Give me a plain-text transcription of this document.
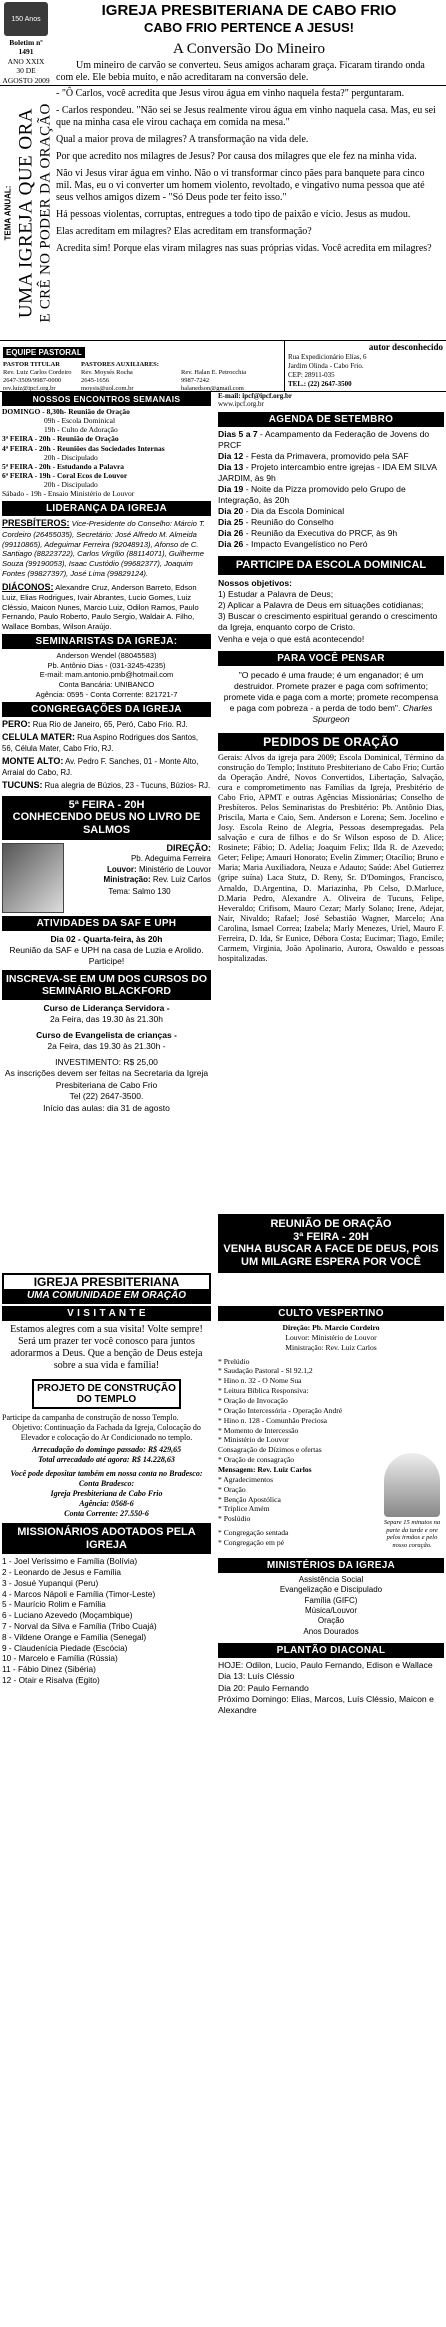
150 Anos
Boletim nº 1491
ANO XXIX
30 DE AGOSTO 2009
IGREJA PRESBITERIANA DE CABO FRIO
CABO FRIO PERTENCE A JESUS!
A Conversão Do Mineiro

Um mineiro de carvão se converteu. Seus amigos acharam graça. Ficaram tirando onda com ele. Ele bebia muito, e não acreditaram na conversão dele.

TEMA ANUAL: UMA IGREJA QUE ORA E CRÊ NO PODER DA ORAÇÃO

- "Ô Carlos, você acredita que Jesus virou água em vinho naquela festa?" perguntaram.

- Carlos respondeu. "Não sei se Jesus realmente virou água em vinho naquela casa. Mas, eu sei que na minha casa ele virou cachaça em comida na mesa."

Qual a maior prova de milagres? A transformação na vida dele.

Por que acredito nos milagres de Jesus? Por causa dos milagres que ele fez na minha vida.

Não vi Jesus virar água em vinho. Não o vi transformar cinco pães para banquete para cinco mil. Mas, eu o vi converter um homem violento, revoltado, e vingativo numa pessoa que até seus velhos amigos dizem - "Só Deus pode ter feito isso."

Há pessoas violentas, corruptas, entregues a todo tipo de paixão e vício. Jesus as mudou.

Elas acreditam em milagres? Elas acreditam em transformação?

Acredita sim! Porque elas viram milagres nas suas próprias vidas. Você acredita em milagres?

EQUIPE PASTORAL
PASTOR TITULAR
Rev. Luiz Carlos Cordeiro
2647-3509/9987-0000
rev.luiz@ipcf.org.br
PASTORES AUXILIARES:
Rev. Moysés Rocha
2645-1656
moysis@uol.com.br
Rev. Halan E. Petrocchia
9987-7242
halanedson@gmail.com
autor desconhecido
Rua Expedicionário Elias, 6
Jardim Olinda - Cabo Frio.
CEP: 28911-035
TEL.: (22) 2647-3500
NOSSOS ENCONTROS SEMANAIS
DOMINGO - 8,30h- Reunião de Oração
09h - Escola Dominical
19h - Culto de Adoração
3ª FEIRA - 20h - Reunião de Oração
4ª FEIRA - 20h - Reuniões das Sociedades Internas
20h - Discipulado
5ª FEIRA - 20h - Estudando a Palavra
6ª FEIRA - 19h - Coral Ecos de Louvor
20h - Discipulado
Sábado - 19h - Ensaio Ministério de Louvor
LIDERANÇA DA IGREJA
PRESBÍTEROS: Vice-Presidente do Conselho: Márcio T. Cordeiro (26455035), Secretário: José Alfredo M. Almeida (99110865), Adeguimar Ferreira (92048913), Afonso de C. Santiago (88223722), Carlos Virgílio (88114071), Guilherme Souza (99190053), Isaac Custódio (99682377), Joaquim Fontes (99827397), José Lima (99829124).
DIÁCONOS: Alexandre Cruz, Anderson Barreto, Edson Luiz, Elias Rodrigues, Ivair Abrantes, Lucio Gomes, Luiz Cléssio, Maicon Nunes, Marcio Luiz, Odilon Ramos, Paulo Fernando, Paulo Roberto, Paulo Sergio, Waldair A. Filho, Wallace Bombas, Wilson Araújo.
SEMINARISTAS DA IGREJA:
Anderson Wendel (88045583)
Pb. Antônio Dias - (031-3245-4235)
E-mail: mam.antonio.pmb@hotmail.com
Conta Bancária: UNIBANCO
Agência: 0595 - Conta Corrente: 821721-7
CONGREGAÇÕES DA IGREJA
PERO: Rua Rio de Janeiro, 65, Peró, Cabo Frio. RJ.
CELULA MATER: Rua Aspino Rodrigues dos Santos, 56, Célula Mater, Cabo Frio, RJ.
MONTE ALTO: Av. Pedro F. Sanches, 01 - Monte Alto, Arraial do Cabo, RJ.
TUCUNS: Rua alegria de Búzios, 23 - Tucuns, Búzios- RJ.
5ª FEIRA - 20H
CONHECENDO DEUS NO LIVRO DE SALMOS
DIREÇÃO:
Pb. Adeguima Ferreira
Louvor: Ministério de Louvor
Ministração: Rev. Luiz Carlos
Tema: Salmo 130
ATIVIDADES DA SAF E UPH
Dia 02 - Quarta-feira, às 20h
Reunião da SAF e UPH na casa de Luzia e Arolido. Participe!
INSCREVA-SE EM UM DOS CURSOS DO SEMINÁRIO BLACKFORD
Curso de Liderança Servidora -
2a Feira, das 19.30 às 21.30h
Curso de Evangelista de crianças -
2a Feira, das 19.30 às 21.30h -
INVESTIMENTO: R$ 25,00
As inscrições devem ser feitas na Secretaria da Igreja Presbiteriana de Cabo Frio
Tel (22) 2647-3500.
Início das aulas: dia 31 de agosto
E-mail: ipcf@ipcf.org.br
www.ipcf.org.br
AGENDA DE SETEMBRO
Dias 5 a 7 - Acampamento da Federação de Jovens do PRCF
Dia 12 - Festa da Primavera, promovido pela SAF
Dia 13 - Projeto intercambio entre igrejas - IDA EM SILVA JARDIM, às 9h
Dia 19 - Noite da Pizza promovido pelo Grupo de Integração, às 20h
Dia 20 - Dia da Escola Dominical
Dia 25 - Reunião do Conselho
Dia 26 - Reunião da Executiva do PRCF, às 9h
Dia 26 - Impacto Evangelístico no Peró
PARTICIPE DA ESCOLA DOMINICAL
Nossos objetivos:
1) Estudar a Palavra de Deus;
2) Aplicar a Palavra de Deus em situações cotidianas;
3) Buscar o crescimento espiritual gerando o crescimento da Igreja, enquanto corpo de Cristo.
Venha e veja o que está acontecendo!
PARA VOCÊ PENSAR
"O pecado é uma fraude; é um enganador; é um destruidor. Promete prazer e paga com sofrimento; promete vida e paga com a morte; promete recompensa e paga com pobreza - a perda de todo bem". Charles Spurgeon
PEDIDOS DE ORAÇÃO
Gerais: Alvos da igreja para 2009; Escola Dominical, Término da construção do Templo; Instituto Presbiteriano de Cabo Frio; Curtão da Operação André, Novos Convertidos, Libertação, Salvação, cura e comprometimento nas Famílias da Igreja, Presbitério de Cabo Frio, APMT e outras Agências Missionárias; Conselho de Presbíteros. Pelos Seminaristas do Presbitério: Pb. Antônio Dias, Priscila, Marta e Caio, Sem. Anderson e Lorena; Sem. Jocelino e Josy. Escola Reino de Alegria, Pessoas desempregadas. Pela salvação e cura de filhos e do Sr Wilson esposo de D. Alice; Rosinete; Fábio; D. Adelia; Joaquim Felix; Ilda R. de Azevedo; Geter; Felipe; Amauri Honorato; Evelin Zimmer; Otacílio; Bruno e Maria; Maria Auxiliadora, Neuza e Adauto; Saúde: Abel Gutierrez (gripe suína) Laca Stutz, D. Reny, Sr. D'Domingos, Francisco, Arnaldo, D.Argentina, D. Mariazinha, Pb Celso, D.Marluce, D.Maria Pedro, Alexandre A. Oliveira de Tucuns, Felipe, Heveraldo; Crifisom, Mauro Cezar; Marly Solano; Irene, Adejar, Nair, Nivaldo; Rafael; José Sebastião Wagner, Marcelo; Ana Carolina, Ismael Correa; Izabela; Marly Menezes, Uriel, Mauro F. Ferreira, D. Ida, Sr Eunice, Débora Costa; Eucimar; Tiago, Emile; Carmem, Virginia, João Apolinario, Aurora, Oswaldo e pessoas hospitalizadas.
IGREJA PRESBITERIANA
UMA COMUNIDADE EM ORAÇÃO
REUNIÃO DE ORAÇÃO
3ª FEIRA - 20H
VENHA BUSCAR A FACE DE DEUS, POIS UM MILAGRE ESPERA POR VOCÊ
V I S I T A N T E
Estamos alegres com a sua visita! Volte sempre! Será um prazer ter você conosco para juntos adorarmos a Deus. Que a benção de Deus esteja sobre a sua vida e família!
PROJETO DE CONSTRUÇÃO DO TEMPLO
Participe da campanha de construção de nosso Templo.
Objetivo: Continuação da Fachada da Igreja, Colocação do Elevador e colocação do Ar Condicionado no templo.
Arrecadação do domingo passado: R$ 429,65
Total arrecadado até agora: R$ 14.228,63
Você pode depositar também em nossa conta no Bradesco:
Conta Bradesco:
Igreja Presbiteriana de Cabo Frio
Agência: 0568-6
Conta Corrente: 27.550-6
MISSIONÁRIOS ADOTADOS PELA IGREJA
1 - Joel Veríssimo e Família (Bolívia)
2 - Leonardo de Jesus e Família
3 - Josué Yupanqui (Peru)
4 - Marcos Nápoli e Família (Timor-Leste)
5 - Maurício Rolim e Família
6 - Luciano Azevedo (Moçambique)
7 - Norval da Silva e Família (Tribo Cuajá)
8 - Vildene Orange e Família (Senegal)
9 - Claudenícia Piedade (Escócia)
10 - Marcelo e Família (Rússia)
11 - Fábio Dinez (Sibéria)
12 - Otair e Risalva (Egito)
CULTO VESPERTINO
Direção: Pb. Marcio Cordeiro
Louvor: Ministério de Louvor
Ministração: Rev. Luiz Carlos
* Prelúdio
* Saudação Pastoral - Sl 92.1,2
* Hino n. 32 - O Nome Sua
* Leitura Bíblica Responsiva:
* Oração de Invocação
* Oração Intercessória - Operação André
* Hino n. 128 - Comunhão Preciosa
* Momento de Intercessão
* Ministério de Louvor
Consagração de Dízimos e ofertas
* Oração de consagração
Mensagem: Rev. Luiz Carlos
* Agradecimentos
* Oração
* Benção Apostólica
* Tríplice Amém
* Poslúdio
* Congregação sentada
* Congregação em pé
Separe 15 minutos na parte da tarde e ore pelos irmãos e pelo nosso coração.
MINISTÉRIOS DA IGREJA
Assistência Social
Evangelização e Discipulado
Família (GIFC)
Música/Louvor
Oração
Anos Dourados
PLANTÃO DIACONAL
HOJE: Odilon, Lucio, Paulo Fernando, Edison e Wallace
Dia 13: Luís Cléssio
Dia 20: Paulo Fernando
Próximo Domingo: Elias, Marcos, Luís Cléssio, Maicon e Alexandre
